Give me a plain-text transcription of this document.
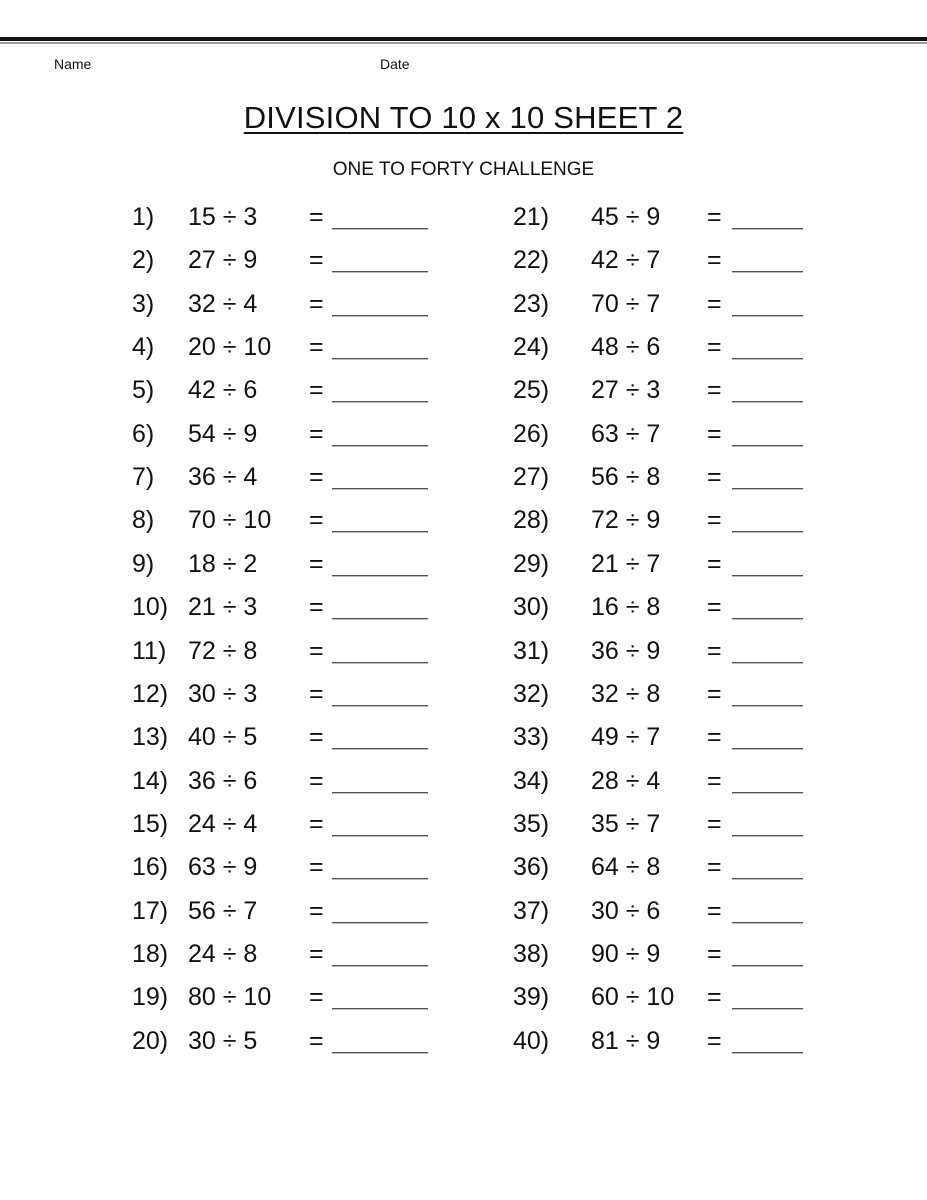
Name	Date
DIVISION TO 10 x 10 SHEET 2
ONE TO FORTY CHALLENGE
1) 15 ÷ 3 =
2) 27 ÷ 9 =
3) 32 ÷ 4 =
4) 20 ÷ 10 =
5) 42 ÷ 6 =
6) 54 ÷ 9 =
7) 36 ÷ 4 =
8) 70 ÷ 10 =
9) 18 ÷ 2 =
10) 21 ÷ 3 =
11) 72 ÷ 8 =
12) 30 ÷ 3 =
13) 40 ÷ 5 =
14) 36 ÷ 6 =
15) 24 ÷ 4 =
16) 63 ÷ 9 =
17) 56 ÷ 7 =
18) 24 ÷ 8 =
19) 80 ÷ 10 =
20) 30 ÷ 5 =
21) 45 ÷ 9 =
22) 42 ÷ 7 =
23) 70 ÷ 7 =
24) 48 ÷ 6 =
25) 27 ÷ 3 =
26) 63 ÷ 7 =
27) 56 ÷ 8 =
28) 72 ÷ 9 =
29) 21 ÷ 7 =
30) 16 ÷ 8 =
31) 36 ÷ 9 =
32) 32 ÷ 8 =
33) 49 ÷ 7 =
34) 28 ÷ 4 =
35) 35 ÷ 7 =
36) 64 ÷ 8 =
37) 30 ÷ 6 =
38) 90 ÷ 9 =
39) 60 ÷ 10 =
40) 81 ÷ 9 =
